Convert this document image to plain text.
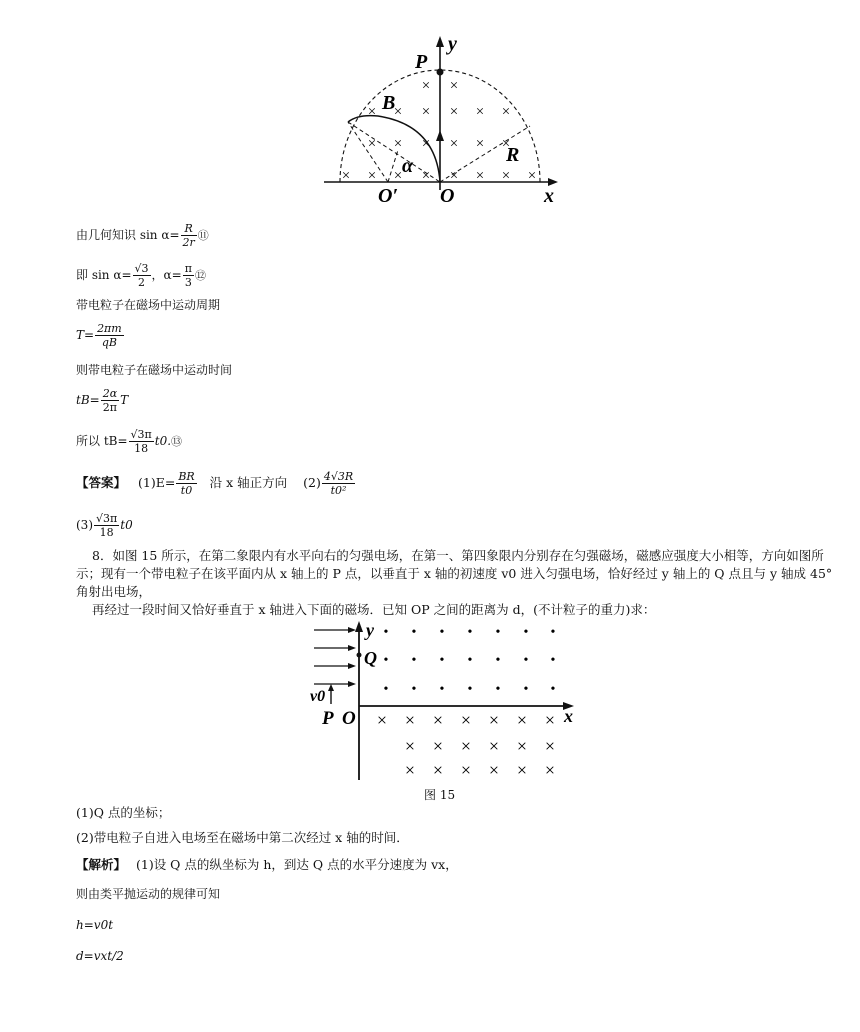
× ×
× × × × × ×
× × × × × ×
× × × × × × × ×
P
y
B
R
α
O′ O	x
由几何知识 $\sin \alpha= \frac{R}{2r}$ ⑪
即 $\sin \alpha= \frac{√3}{2}$ ，$\alpha= \frac{\pi}{3}$ ⑫
带电粒子在磁场中运动周期
$T= \frac{2\pi m}{qB}$
则带电粒子在磁场中运动时间
$tB= \frac{2\alpha}{2\pi}$ T
所以 $tB= \frac{√3\pi}{18}$ t0.⑬
【答案】 $(1)E= \frac{BR}{t0}$ 沿 x 轴正方向 $(2) \frac{4√3R}{\text{t0²}}$
$(3) \frac{√3\pi}{18} t0$
8．如图 15 所示，在第二象限内有水平向右的匀强电场，在第一、第四象限内分别存在匀强磁场，磁感应强度大小相等，方向如图所示；现有一个带电粒子在该平面内从 x 轴上的 P 点，以垂直于 x 轴的初速度 v0 进入匀强电场，恰好经过 y 轴上的 Q 点且与 y 轴成 45°角射出电场，
再经过一段时间又恰好垂直于 x 轴进入下面的磁场．已知 OP 之间的距离为 d，(不计粒子的重力)求：
• • • • • • •
• • • • • • •
• • • • • • •
× × × × × × ×
× × × × × ×
× × × × × ×
y
Q
v0
P O	x
图 15
(1)Q 点的坐标；
(2)带电粒子自进入电场至在磁场中第二次经过 x 轴的时间．
【解析】 (1)设 Q 点的纵坐标为 h，到达 Q 点的水平分速度为 vx，
则由类平抛运动的规律可知
h=v0t
d=vxt/2
